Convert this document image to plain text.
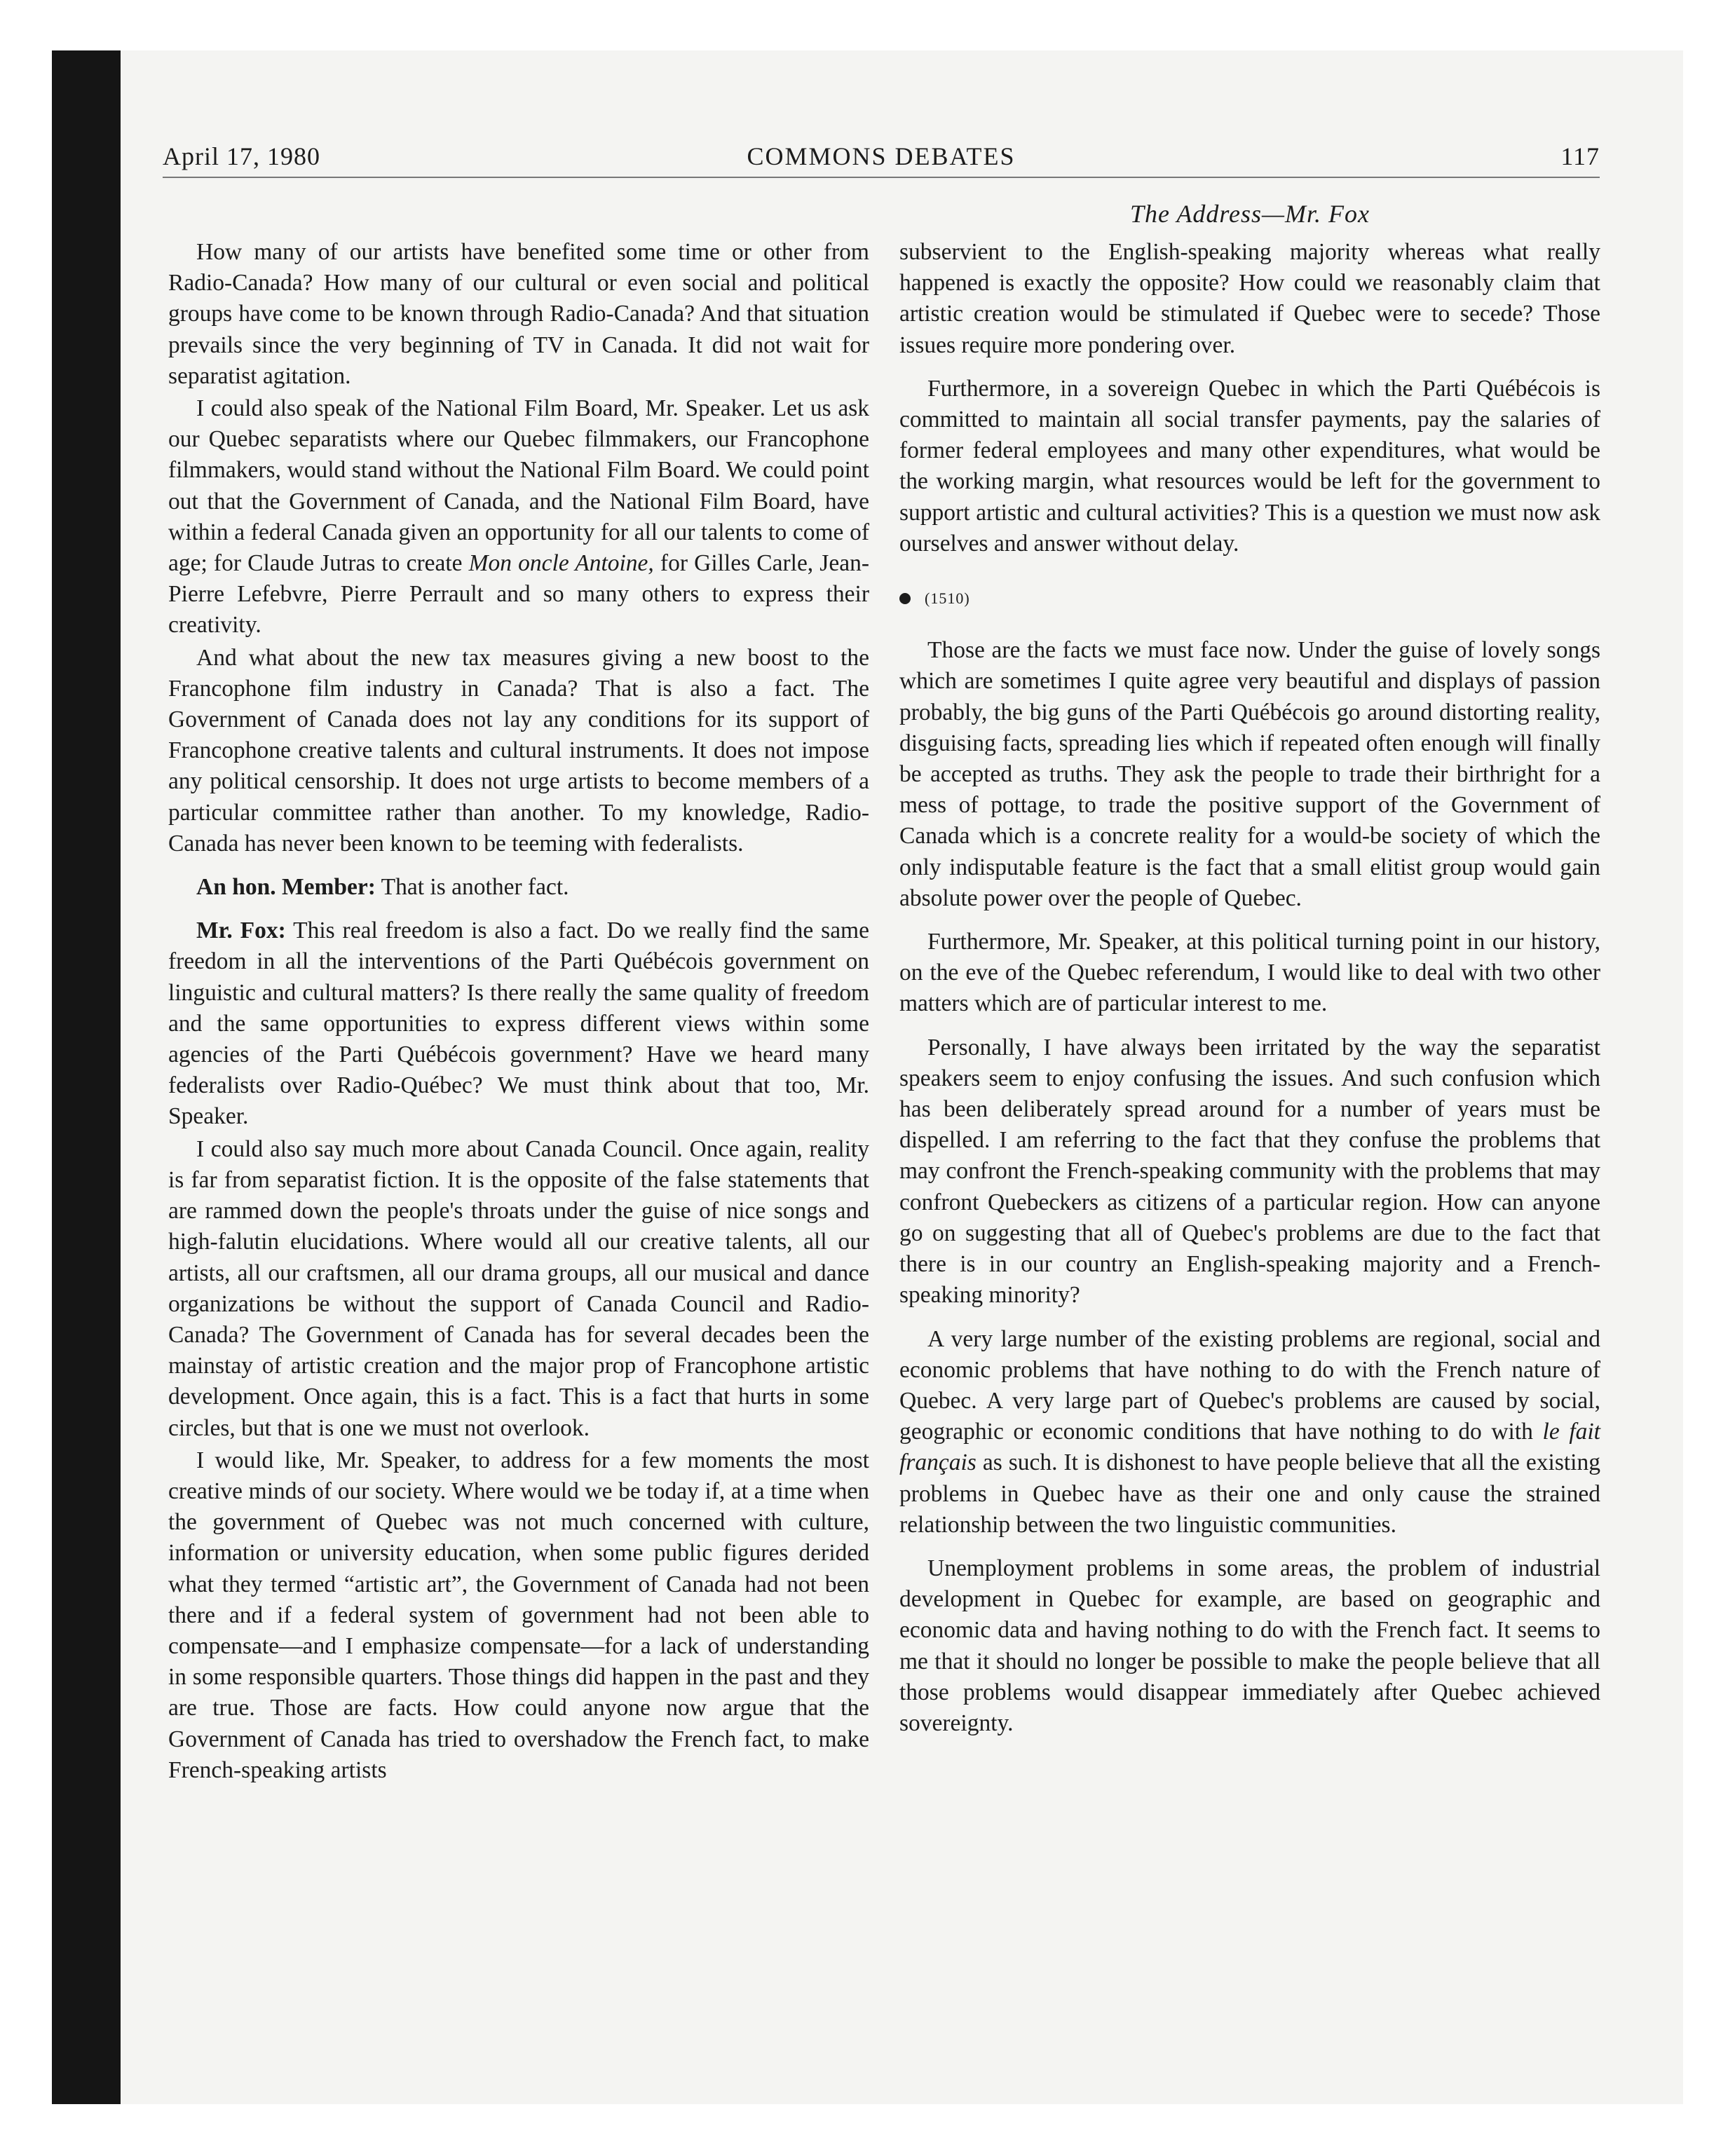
April 17, 1980	COMMONS DEBATES	117
The Address—Mr. Fox

How many of our artists have benefited some time or other from Radio-Canada? How many of our cultural or even social and political groups have come to be known through Radio-Canada? And that situation prevails since the very beginning of TV in Canada. It did not wait for separatist agitation.

I could also speak of the National Film Board, Mr. Speaker. Let us ask our Quebec separatists where our Quebec filmmakers, our Francophone filmmakers, would stand without the National Film Board. We could point out that the Government of Canada, and the National Film Board, have within a federal Canada given an opportunity for all our talents to come of age; for Claude Jutras to create Mon oncle Antoine, for Gilles Carle, Jean-Pierre Lefebvre, Pierre Perrault and so many others to express their creativity.

And what about the new tax measures giving a new boost to the Francophone film industry in Canada? That is also a fact. The Government of Canada does not lay any conditions for its support of Francophone creative talents and cultural instruments. It does not impose any political censorship. It does not urge artists to become members of a particular committee rather than another. To my knowledge, Radio-Canada has never been known to be teeming with federalists.

An hon. Member: That is another fact.

Mr. Fox: This real freedom is also a fact. Do we really find the same freedom in all the interventions of the Parti Québécois government on linguistic and cultural matters? Is there really the same quality of freedom and the same opportunities to express different views within some agencies of the Parti Québécois government? Have we heard many federalists over Radio-Québec? We must think about that too, Mr. Speaker.

I could also say much more about Canada Council. Once again, reality is far from separatist fiction. It is the opposite of the false statements that are rammed down the people's throats under the guise of nice songs and high-falutin elucidations. Where would all our creative talents, all our artists, all our craftsmen, all our drama groups, all our musical and dance organizations be without the support of Canada Council and Radio-Canada? The Government of Canada has for several decades been the mainstay of artistic creation and the major prop of Francophone artistic development. Once again, this is a fact. This is a fact that hurts in some circles, but that is one we must not overlook.

I would like, Mr. Speaker, to address for a few moments the most creative minds of our society. Where would we be today if, at a time when the government of Quebec was not much concerned with culture, information or university education, when some public figures derided what they termed “artistic art”, the Government of Canada had not been there and if a federal system of government had not been able to compensate—and I emphasize compensate—for a lack of understanding in some responsible quarters. Those things did happen in the past and they are true. Those are facts. How could anyone now argue that the Government of Canada has tried to overshadow the French fact, to make French-speaking artists

subservient to the English-speaking majority whereas what really happened is exactly the opposite? How could we reasonably claim that artistic creation would be stimulated if Quebec were to secede? Those issues require more pondering over.

Furthermore, in a sovereign Quebec in which the Parti Québécois is committed to maintain all social transfer payments, pay the salaries of former federal employees and many other expenditures, what would be the working margin, what resources would be left for the government to support artistic and cultural activities? This is a question we must now ask ourselves and answer without delay.

(1510)

Those are the facts we must face now. Under the guise of lovely songs which are sometimes I quite agree very beautiful and displays of passion probably, the big guns of the Parti Québécois go around distorting reality, disguising facts, spreading lies which if repeated often enough will finally be accepted as truths. They ask the people to trade their birthright for a mess of pottage, to trade the positive support of the Government of Canada which is a concrete reality for a would-be society of which the only indisputable feature is the fact that a small elitist group would gain absolute power over the people of Quebec.

Furthermore, Mr. Speaker, at this political turning point in our history, on the eve of the Quebec referendum, I would like to deal with two other matters which are of particular interest to me.

Personally, I have always been irritated by the way the separatist speakers seem to enjoy confusing the issues. And such confusion which has been deliberately spread around for a number of years must be dispelled. I am referring to the fact that they confuse the problems that may confront the French-speaking community with the problems that may confront Quebeckers as citizens of a particular region. How can anyone go on suggesting that all of Quebec's problems are due to the fact that there is in our country an English-speaking majority and a French-speaking minority?

A very large number of the existing problems are regional, social and economic problems that have nothing to do with the French nature of Quebec. A very large part of Quebec's problems are caused by social, geographic or economic conditions that have nothing to do with le fait français as such. It is dishonest to have people believe that all the existing problems in Quebec have as their one and only cause the strained relationship between the two linguistic communities.

Unemployment problems in some areas, the problem of industrial development in Quebec for example, are based on geographic and economic data and having nothing to do with the French fact. It seems to me that it should no longer be possible to make the people believe that all those problems would disappear immediately after Quebec achieved sovereignty.
